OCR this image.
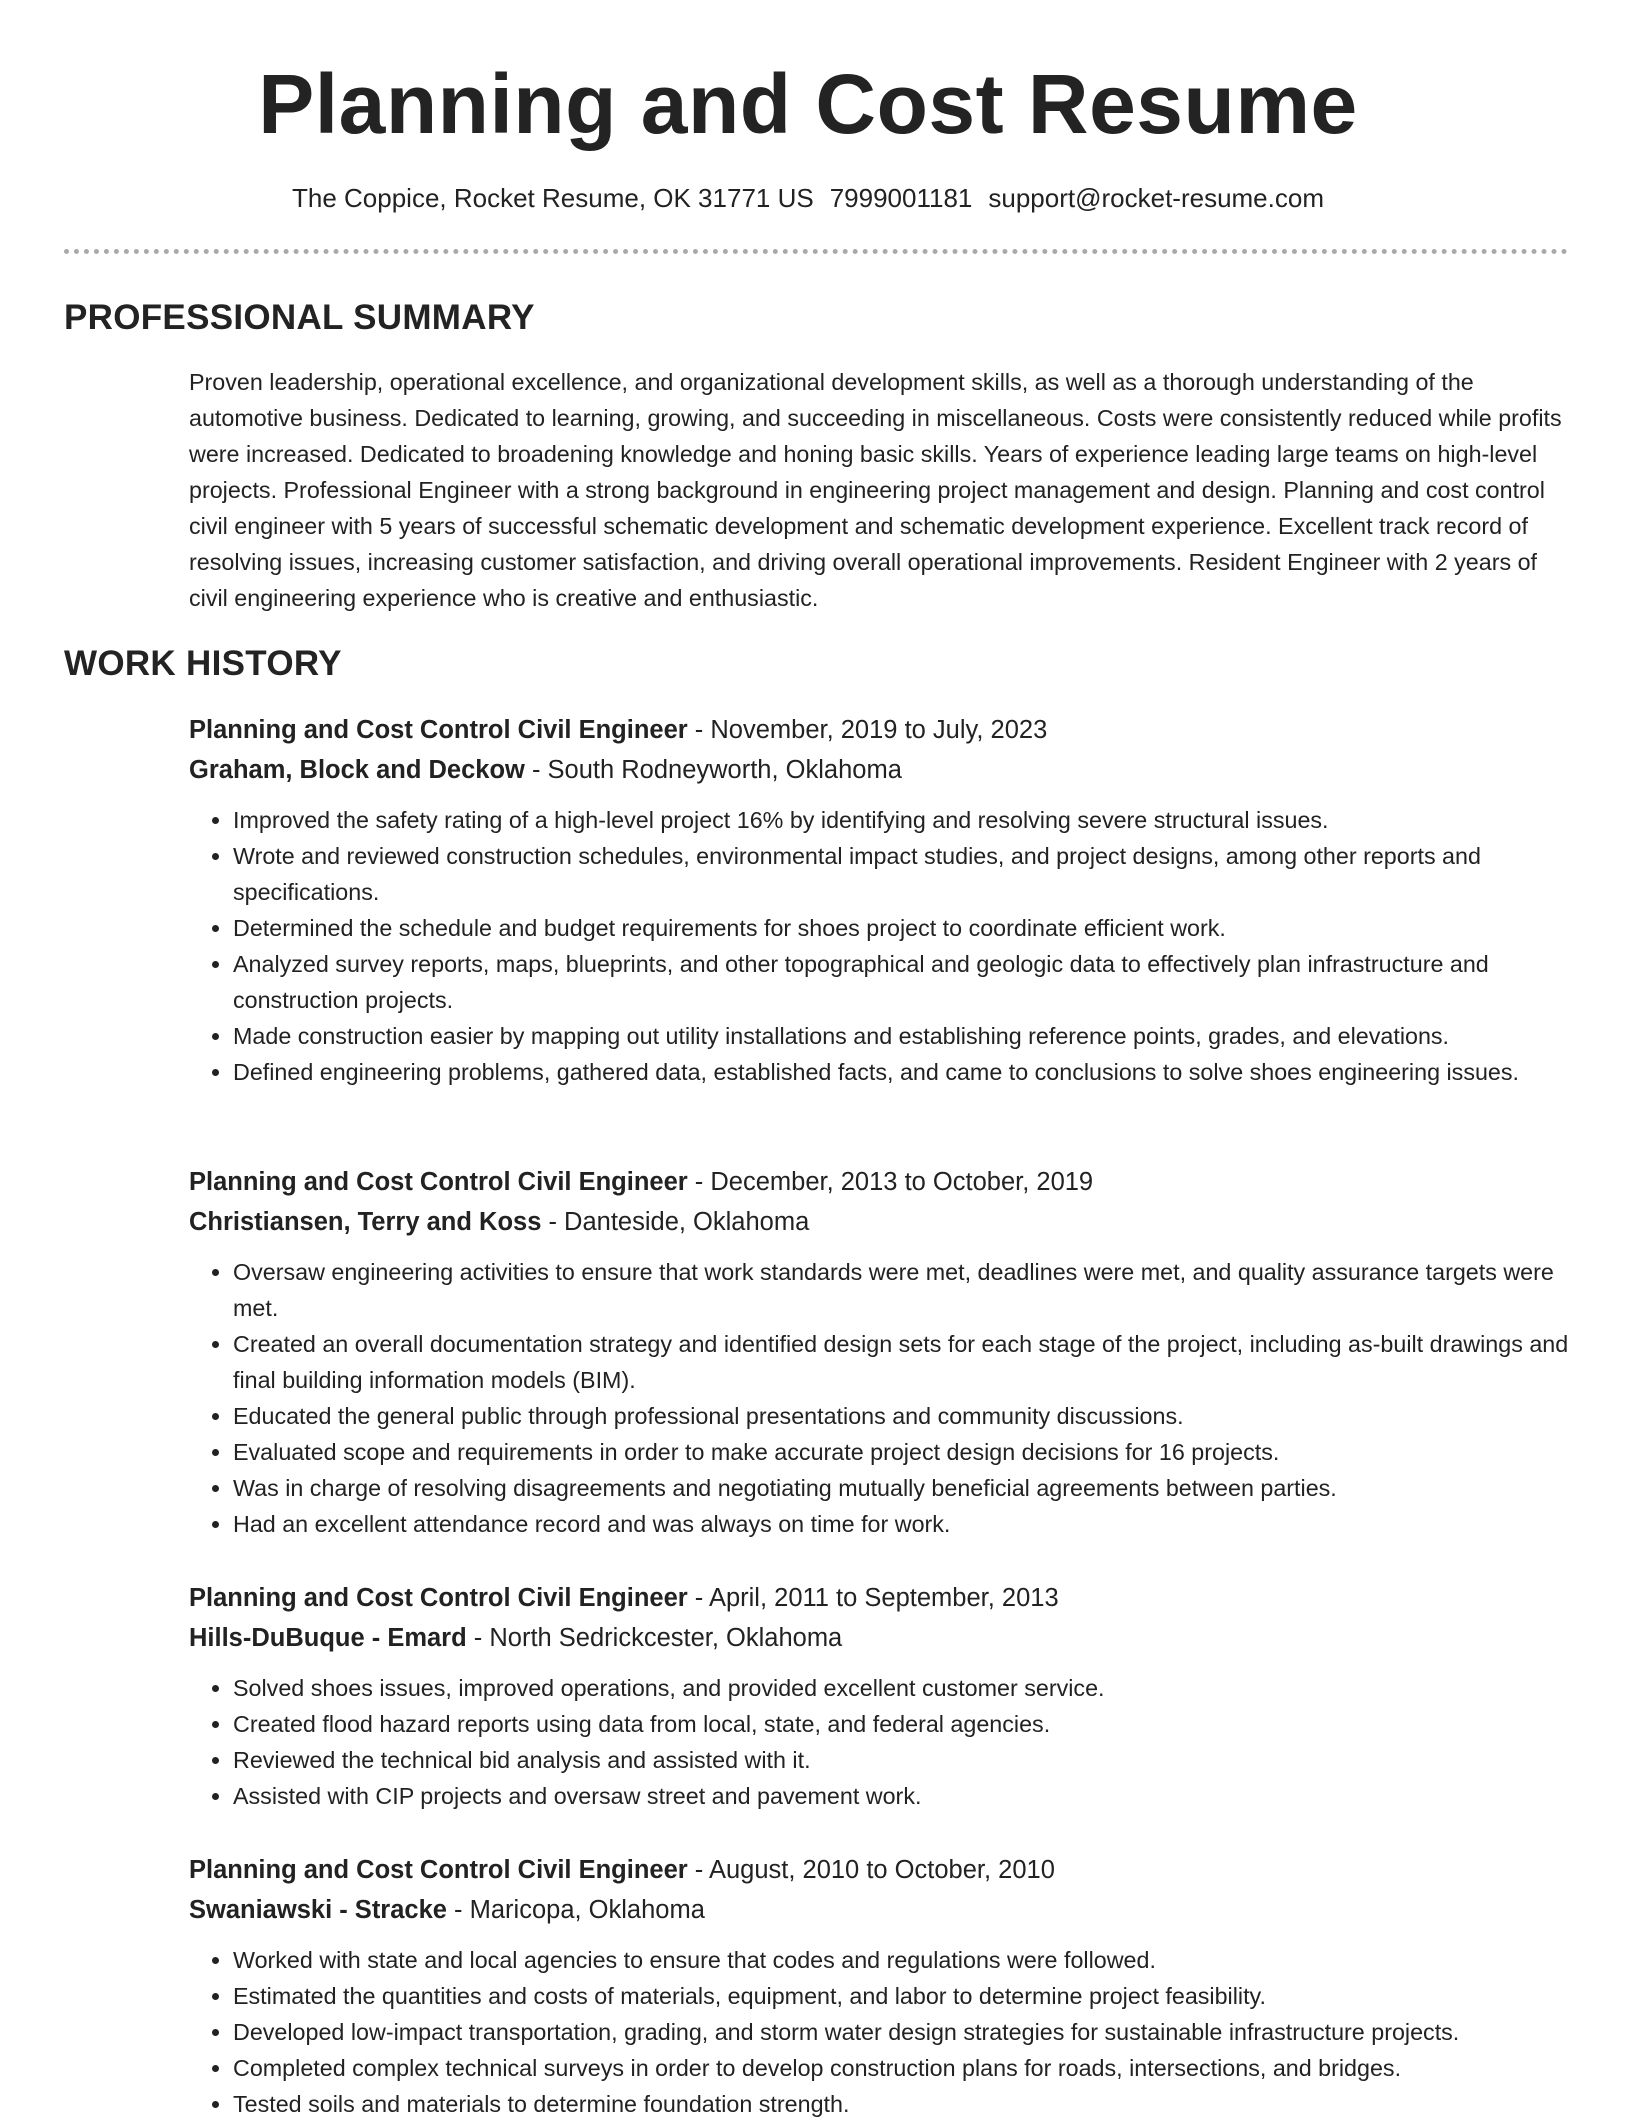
Planning and Cost Resume
The Coppice, Rocket Resume, OK 31771 US 7999001181 support@rocket-resume.com
PROFESSIONAL SUMMARY

Proven leadership, operational excellence, and organizational development skills, as well as a thorough understanding of the automotive business. Dedicated to learning, growing, and succeeding in miscellaneous. Costs were consistently reduced while profits were increased. Dedicated to broadening knowledge and honing basic skills. Years of experience leading large teams on high-level projects. Professional Engineer with a strong background in engineering project management and design. Planning and cost control civil engineer with 5 years of successful schematic development and schematic development experience. Excellent track record of resolving issues, increasing customer satisfaction, and driving overall operational improvements. Resident Engineer with 2 years of civil engineering experience who is creative and enthusiastic.

WORK HISTORY
Planning and Cost Control Civil Engineer - November, 2019 to July, 2023
Graham, Block and Deckow - South Rodneyworth, Oklahoma
• Improved the safety rating of a high-level project 16% by identifying and resolving severe structural issues.
• Wrote and reviewed construction schedules, environmental impact studies, and project designs, among other reports and specifications.
• Determined the schedule and budget requirements for shoes project to coordinate efficient work.
• Analyzed survey reports, maps, blueprints, and other topographical and geologic data to effectively plan infrastructure and construction projects.
• Made construction easier by mapping out utility installations and establishing reference points, grades, and elevations.
• Defined engineering problems, gathered data, established facts, and came to conclusions to solve shoes engineering issues.
Planning and Cost Control Civil Engineer - December, 2013 to October, 2019
Christiansen, Terry and Koss - Danteside, Oklahoma
• Oversaw engineering activities to ensure that work standards were met, deadlines were met, and quality assurance targets were met.
• Created an overall documentation strategy and identified design sets for each stage of the project, including as-built drawings and final building information models (BIM).
• Educated the general public through professional presentations and community discussions.
• Evaluated scope and requirements in order to make accurate project design decisions for 16 projects.
• Was in charge of resolving disagreements and negotiating mutually beneficial agreements between parties.
• Had an excellent attendance record and was always on time for work.
Planning and Cost Control Civil Engineer - April, 2011 to September, 2013
Hills-DuBuque - Emard - North Sedrickcester, Oklahoma
• Solved shoes issues, improved operations, and provided excellent customer service.
• Created flood hazard reports using data from local, state, and federal agencies.
• Reviewed the technical bid analysis and assisted with it.
• Assisted with CIP projects and oversaw street and pavement work.
Planning and Cost Control Civil Engineer - August, 2010 to October, 2010
Swaniawski - Stracke - Maricopa, Oklahoma
• Worked with state and local agencies to ensure that codes and regulations were followed.
• Estimated the quantities and costs of materials, equipment, and labor to determine project feasibility.
• Developed low-impact transportation, grading, and storm water design strategies for sustainable infrastructure projects.
• Completed complex technical surveys in order to develop construction plans for roads, intersections, and bridges.
• Tested soils and materials to determine foundation strength.
